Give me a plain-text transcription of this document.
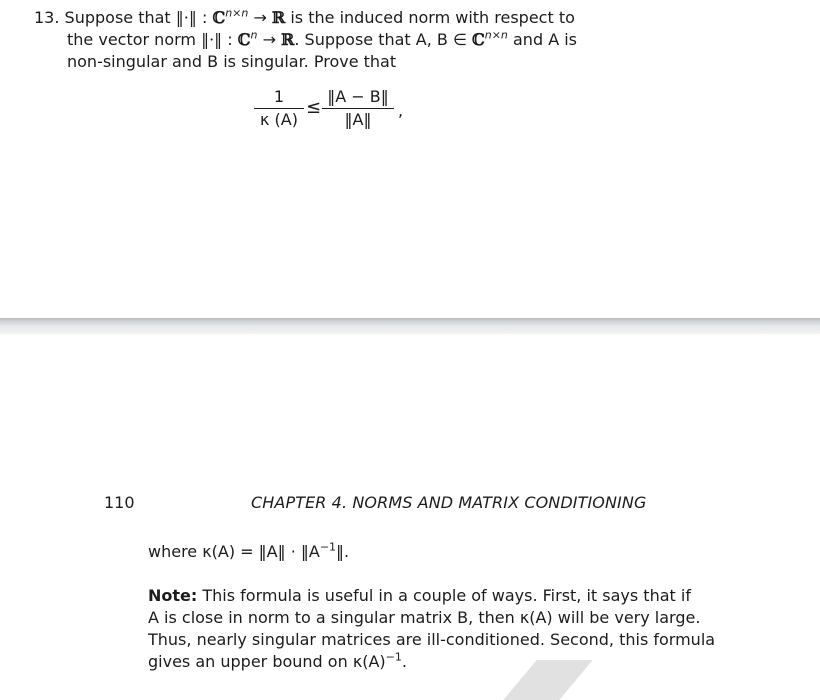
13. Suppose that ‖·‖ : ℂ$^{n\times n}$ → ℝ is the induced norm with respect to
the vector norm ‖·‖ : ℂ$^n$ → ℝ. Suppose that A, B ∈ ℂ$^{n\times n}$ and A is
non-singular and B is singular. Prove that
1
κ (A)
≤
‖A − B‖
‖A‖	,
110	CHAPTER 4. NORMS AND MATRIX CONDITIONING
where κ(A) = ‖A‖ · $‖A^{-1}‖$.
Note: This formula is useful in a couple of ways. First, it says that if
A is close in norm to a singular matrix B, then κ(A) will be very large.
Thus, nearly singular matrices are ill-conditioned. Second, this formula
gives an upper bound on $\kappa(A)^{-1}$.
